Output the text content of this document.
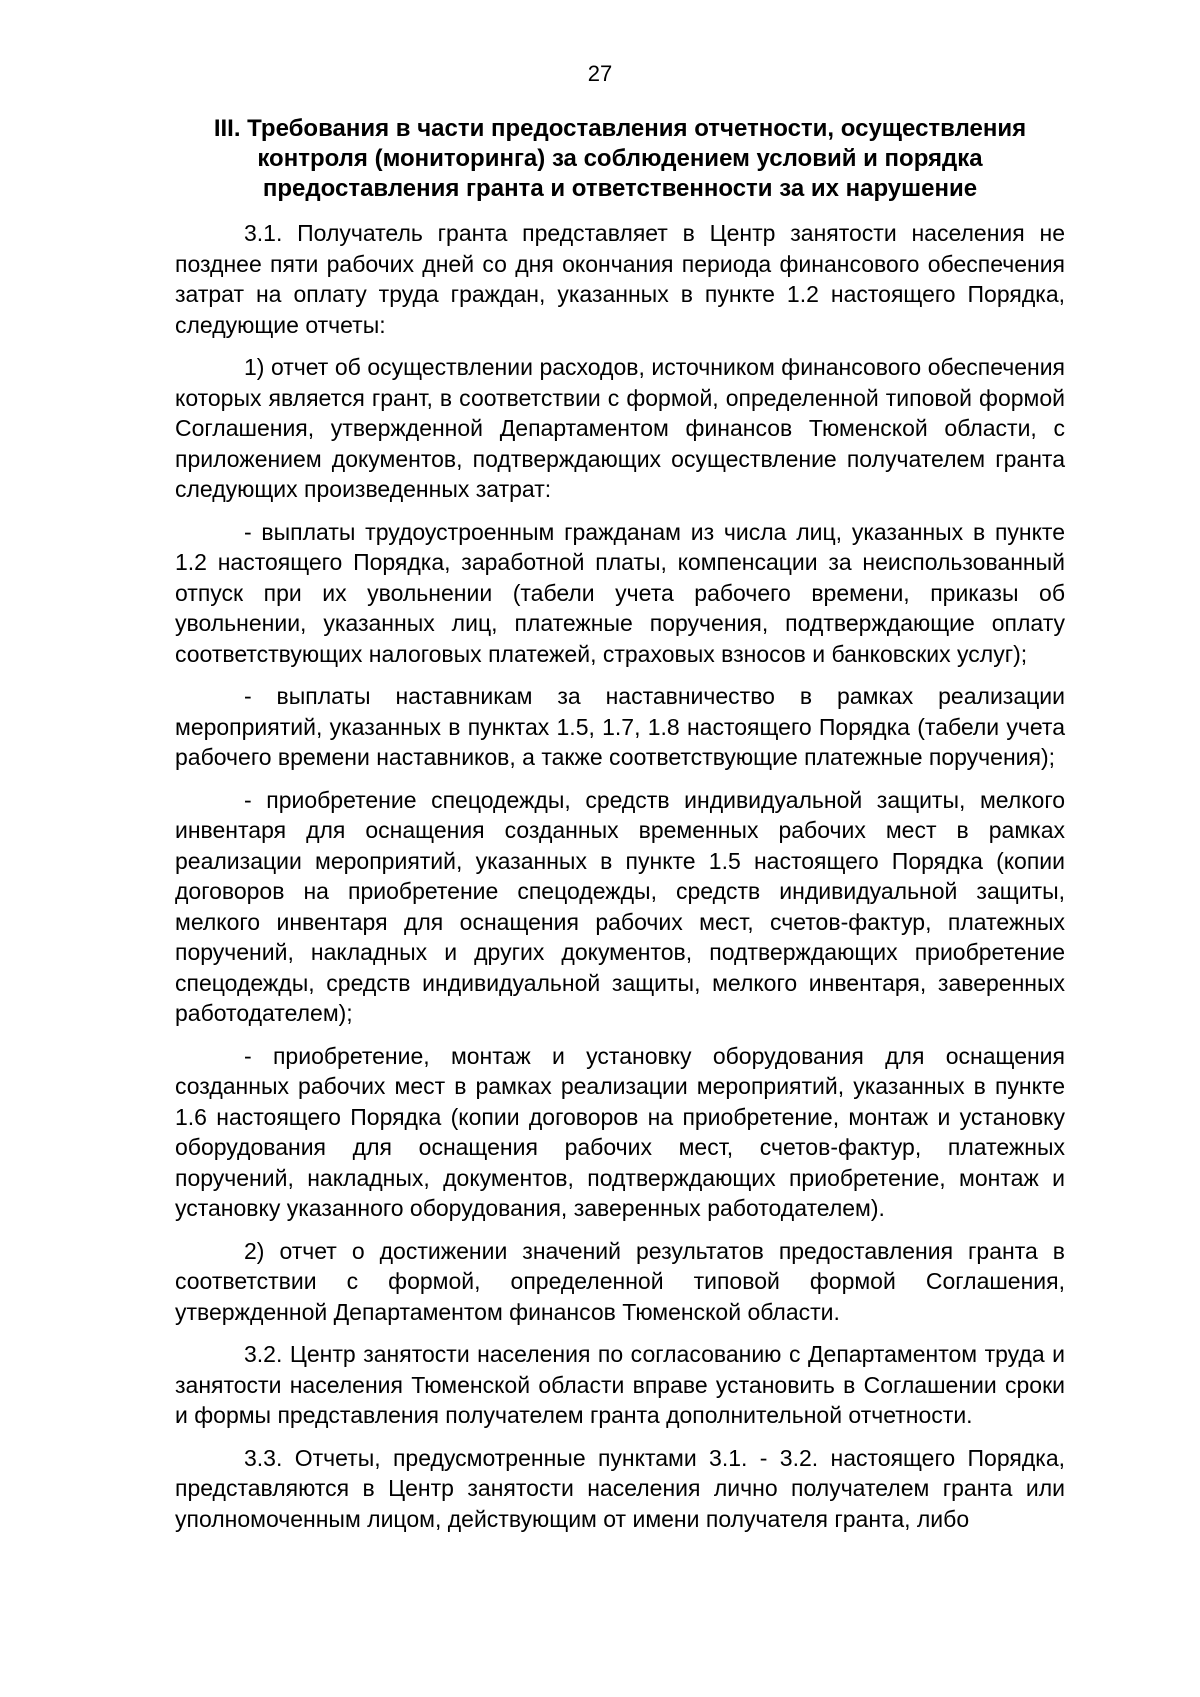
27
III. Требования в части предоставления отчетности, осуществления
контроля (мониторинга) за соблюдением условий и порядка
предоставления гранта и ответственности за их нарушение

3.1. Получатель гранта представляет в Центр занятости населения не позднее пяти рабочих дней со дня окончания периода финансового обеспечения затрат на оплату труда граждан, указанных в пункте 1.2 настоящего Порядка, следующие отчеты:

1) отчет об осуществлении расходов, источником финансового обеспечения которых является грант, в соответствии с формой, определенной типовой формой Соглашения, утвержденной Департаментом финансов Тюменской области, с приложением документов, подтверждающих осуществление получателем гранта следующих произведенных затрат:

- выплаты трудоустроенным гражданам из числа лиц, указанных в пункте 1.2 настоящего Порядка, заработной платы, компенсации за неиспользованный отпуск при их увольнении (табели учета рабочего времени, приказы об увольнении, указанных лиц, платежные поручения, подтверждающие оплату соответствующих налоговых платежей, страховых взносов и банковских услуг);

- выплаты наставникам за наставничество в рамках реализации мероприятий, указанных в пунктах 1.5, 1.7, 1.8 настоящего Порядка (табели учета рабочего времени наставников, а также соответствующие платежные поручения);

- приобретение спецодежды, средств индивидуальной защиты, мелкого инвентаря для оснащения созданных временных рабочих мест в рамках реализации мероприятий, указанных в пункте 1.5 настоящего Порядка (копии договоров на приобретение спецодежды, средств индивидуальной защиты, мелкого инвентаря для оснащения рабочих мест, счетов-фактур, платежных поручений, накладных и других документов, подтверждающих приобретение спецодежды, средств индивидуальной защиты, мелкого инвентаря, заверенных работодателем);

- приобретение, монтаж и установку оборудования для оснащения созданных рабочих мест в рамках реализации мероприятий, указанных в пункте 1.6 настоящего Порядка (копии договоров на приобретение, монтаж и установку оборудования для оснащения рабочих мест, счетов-фактур, платежных поручений, накладных, документов, подтверждающих приобретение, монтаж и установку указанного оборудования, заверенных работодателем).

2) отчет о достижении значений результатов предоставления гранта в соответствии с формой, определенной типовой формой Соглашения, утвержденной Департаментом финансов Тюменской области.

3.2. Центр занятости населения по согласованию с Департаментом труда и занятости населения Тюменской области вправе установить в Соглашении сроки и формы представления получателем гранта дополнительной отчетности.

3.3. Отчеты, предусмотренные пунктами 3.1. - 3.2. настоящего Порядка, представляются в Центр занятости населения лично получателем гранта или уполномоченным лицом, действующим от имени получателя гранта, либо
